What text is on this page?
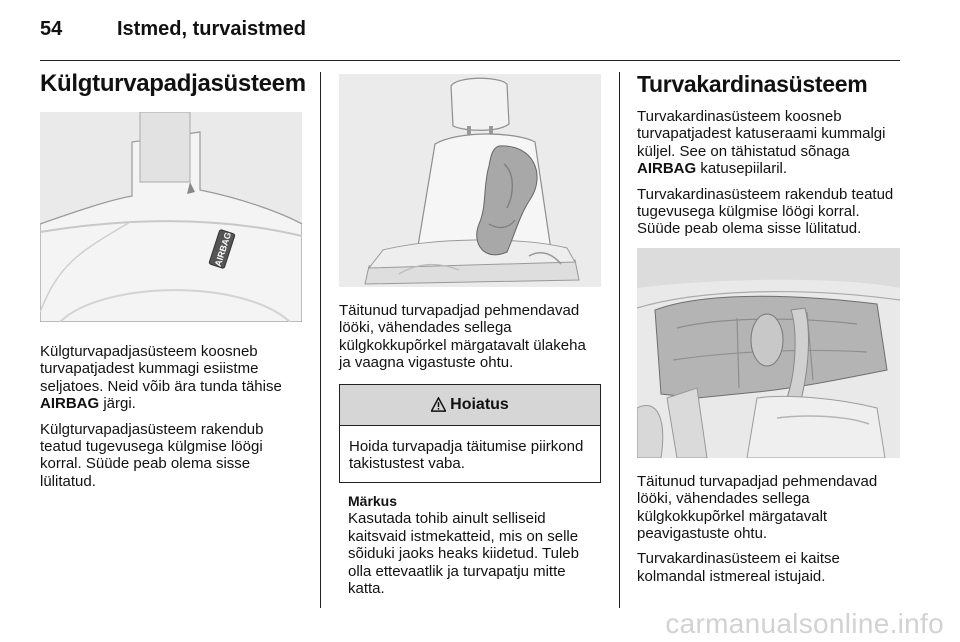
54	Istmed, turvaistmed
Külgturvapadjasüsteem
AIRBAG

Külgturvapadjasüsteem koosneb turvapatjadest kummagi esiistme seljatoes. Neid võib ära tunda tähise AIRBAG järgi.

Külgturvapadjasüsteem rakendub teatud tugevusega külgmise löögi korral. Süüde peab olema sisse lülitatud.

Täitunud turvapadjad pehmendavad lööki, vähendades sellega külgkokkupõrkel märgatavalt ülakeha ja vaagna vigastuste ohtu.

Hoiatus
Hoida turvapadja täitumise piirkond takistustest vaba.
Märkus
Kasutada tohib ainult selliseid kaitsvaid istmekatteid, mis on selle sõiduki jaoks heaks kiidetud. Tuleb olla ettevaatlik ja turvapatju mitte katta.
Turvakardinasüsteem

Turvakardinasüsteem koosneb turvapatjadest katuseraami kummalgi küljel. See on tähistatud sõnaga AIRBAG katusepiilaril.

Turvakardinasüsteem rakendub teatud tugevusega külgmise löögi korral. Süüde peab olema sisse lülitatud.

Täitunud turvapadjad pehmendavad lööki, vähendades sellega külgkokkupõrkel märgatavalt peavigastuste ohtu.

Turvakardinasüsteem ei kaitse kolmandal istmereal istujaid.

carmanualsonline.info
